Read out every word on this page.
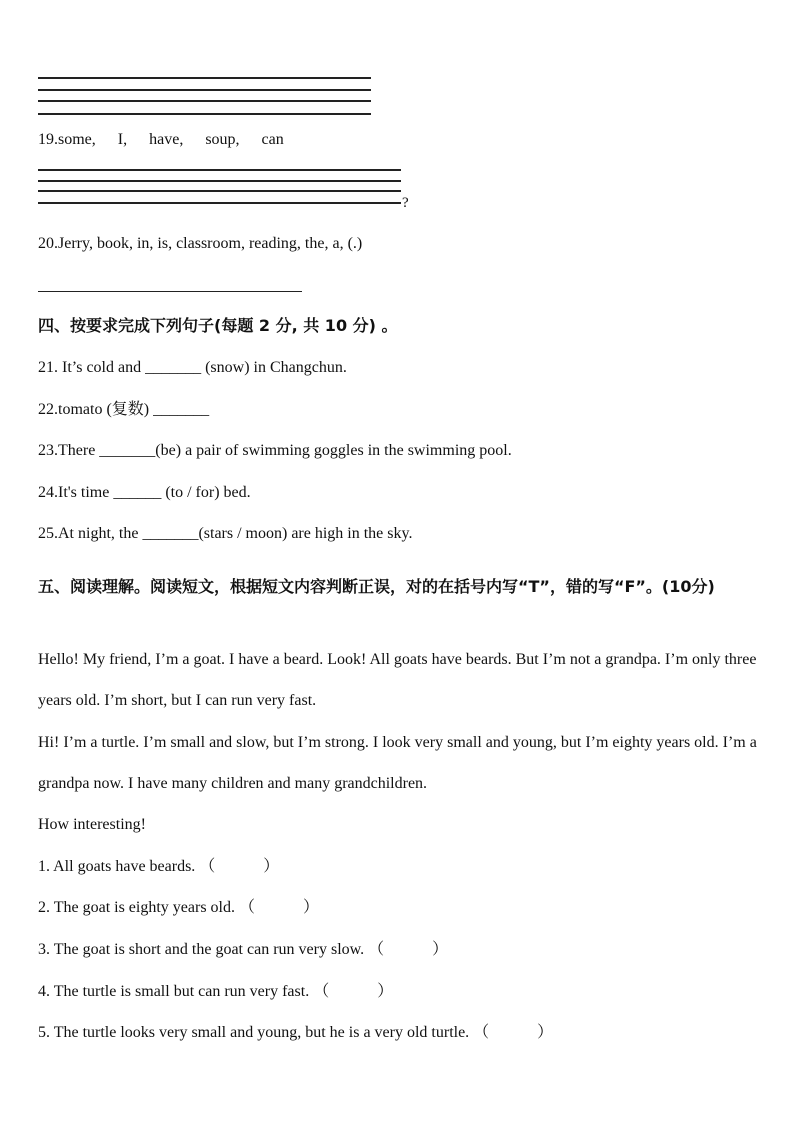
19.some, I, have, soup, can
?
20.Jerry, book, in, is, classroom, reading, the, a, (.)
四、按要求完成下列句子(每题 2 分, 共 10 分) 。
21. It’s cold and _______ (snow) in Changchun.
22.tomato (复数) _______
23.There _______(be) a pair of swimming goggles in the swimming pool.
24.It's time ______ (to / for) bed.
25.At night, the _______(stars / moon) are high in the sky.
五、阅读理解。阅读短文，根据短文内容判断正误，对的在括号内写“T”，错的写“F”。(10分)
Hello! My friend, I’m a goat. I have a beard. Look! All goats have beards. But I’m not a grandpa. I’m only three years old. I’m short, but I can run very fast.
Hi! I’m a turtle. I’m small and slow, but I’m strong. I look very small and young, but I’m eighty years old. I’m a grandpa now. I have many children and many grandchildren.
How interesting!
1. All goats have beards. （　　　）
2. The goat is eighty years old. （　　　）
3. The goat is short and the goat can run very slow. （　　　）
4. The turtle is small but can run very fast. （　　　）
5. The turtle looks very small and young, but he is a very old turtle. （　　　）
